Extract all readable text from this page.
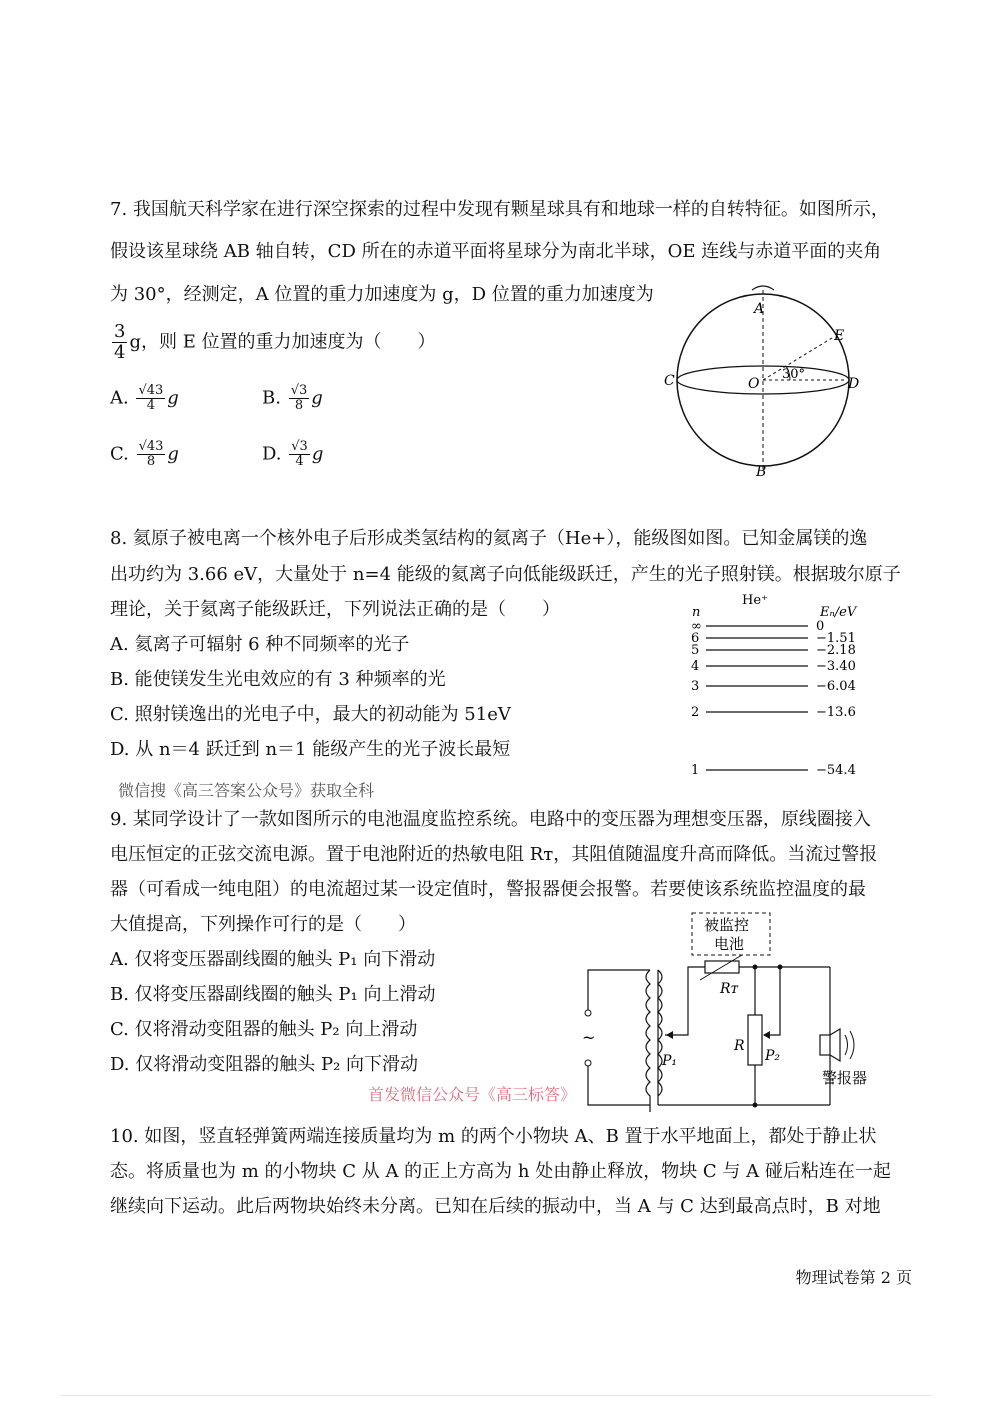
7. 我国航天科学家在进行深空探索的过程中发现有颗星球具有和地球一样的自转特征。如图所示，
假设该星球绕 AB 轴自转，CD 所在的赤道平面将星球分为南北半球，OE 连线与赤道平面的夹角
为 30°，经测定，A 位置的重力加速度为 g，D 位置的重力加速度为
$\frac{3}{4}$ g，则 E 位置的重力加速度为（　　）
A. $\frac{√43}{4}$ g	B. $\frac{√3}{8}$ g
C. $\frac{√43}{8}$ g	D. $\frac{√3}{4}$ g
A
B
C	D
E
O
30°
8. 氦原子被电离一个核外电子后形成类氢结构的氦离子（He+），能级图如图。已知金属镁的逸
出功约为 3.66 eV，大量处于 n=4 能级的氦离子向低能级跃迁，产生的光子照射镁。根据玻尔原子
理论，关于氦离子能级跃迁，下列说法正确的是（　　）
A. 氦离子可辐射 6 种不同频率的光子
B. 能使镁发生光电效应的有 3 种频率的光
C. 照射镁逸出的光电子中，最大的初动能为 51eV
D. 从 n＝4 跃迁到 n＝1 能级产生的光子波长最短
He⁺
n	Eₙ/eV
∞	0
6	−1.51
5	−2.18
4	−3.40
3	−6.04
2	−13.6
1	−54.4
微信搜《高三答案公众号》获取全科
9. 某同学设计了一款如图所示的电池温度监控系统。电路中的变压器为理想变压器，原线圈接入
电压恒定的正弦交流电源。置于电池附近的热敏电阻 Rᴛ，其阻值随温度升高而降低。当流过警报
器（可看成一纯电阻）的电流超过某一设定值时，警报器便会报警。若要使该系统监控温度的最
大值提高，下列操作可行的是（　　）
A. 仅将变压器副线圈的触头 P₁ 向下滑动
B. 仅将变压器副线圈的触头 P₁ 向上滑动
C. 仅将滑动变阻器的触头 P₂ 向上滑动
D. 仅将滑动变阻器的触头 P₂ 向下滑动
被监控
电池
~
P₁
Rᴛ
R
P₂
警报器
首发微信公众号《高三标答》
10. 如图，竖直轻弹簧两端连接质量均为 m 的两个小物块 A、B 置于水平地面上，都处于静止状
态。将质量也为 m 的小物块 C 从 A 的正上方高为 h 处由静止释放，物块 C 与 A 碰后粘连在一起
继续向下运动。此后两物块始终未分离。已知在后续的振动中，当 A 与 C 达到最高点时，B 对地
物理试卷第 2 页
